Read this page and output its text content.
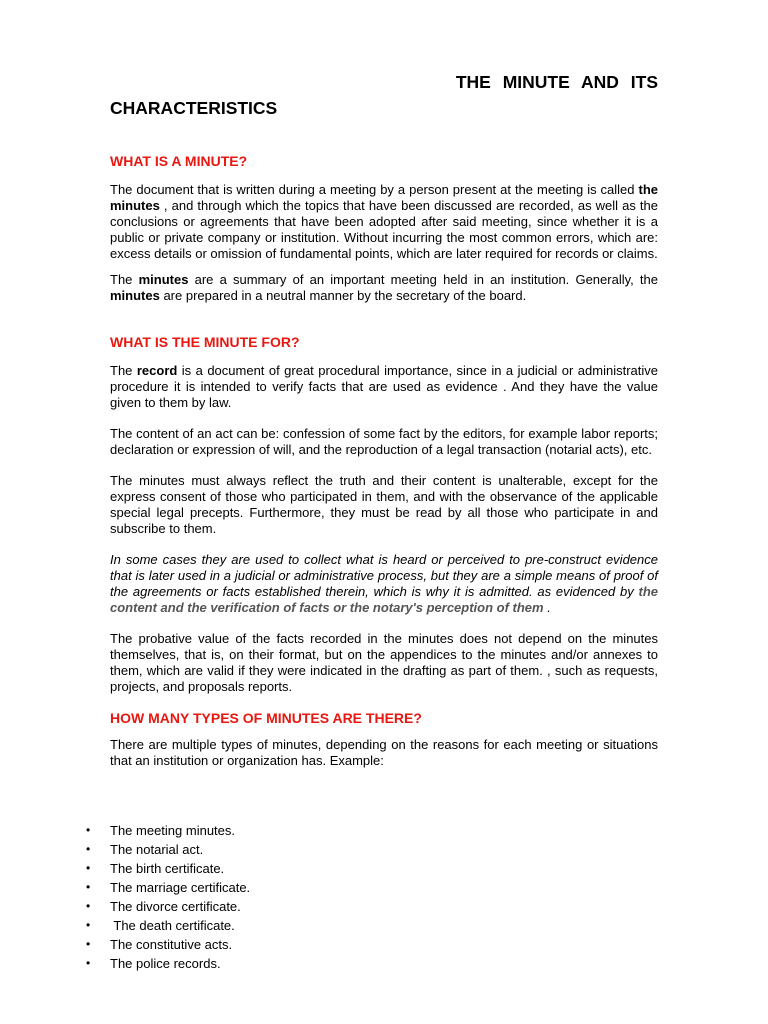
THE MINUTE AND ITS
CHARACTERISTICS
WHAT IS A MINUTE?

The document that is written during a meeting by a person present at the meeting is called the minutes , and through which the topics that have been discussed are recorded, as well as the conclusions or agreements that have been adopted after said meeting, since whether it is a public or private company or institution. Without incurring the most common errors, which are: excess details or omission of fundamental points, which are later required for records or claims.

The minutes are a summary of an important meeting held in an institution. Generally, the minutes are prepared in a neutral manner by the secretary of the board.

WHAT IS THE MINUTE FOR?

The record is a document of great procedural importance, since in a judicial or administrative procedure it is intended to verify facts that are used as evidence . And they have the value given to them by law.

The content of an act can be: confession of some fact by the editors, for example labor reports; declaration or expression of will, and the reproduction of a legal transaction (notarial acts), etc.

The minutes must always reflect the truth and their content is unalterable, except for the express consent of those who participated in them, and with the observance of the applicable special legal precepts. Furthermore, they must be read by all those who participate in and subscribe to them.

In some cases they are used to collect what is heard or perceived to pre-construct evidence that is later used in a judicial or administrative process, but they are a simple means of proof of the agreements or facts established therein, which is why it is admitted. as evidenced by the content and the verification of facts or the notary's perception of them .

The probative value of the facts recorded in the minutes does not depend on the minutes themselves, that is, on their format, but on the appendices to the minutes and/or annexes to them, which are valid if they were indicated in the drafting as part of them. , such as requests, projects, and proposals reports.

HOW MANY TYPES OF MINUTES ARE THERE?

There are multiple types of minutes, depending on the reasons for each meeting or situations that an institution or organization has. Example:

• The meeting minutes.
• The notarial act.
• The birth certificate.
• The marriage certificate.
• The divorce certificate.
• The death certificate.
• The constitutive acts.
• The police records.
